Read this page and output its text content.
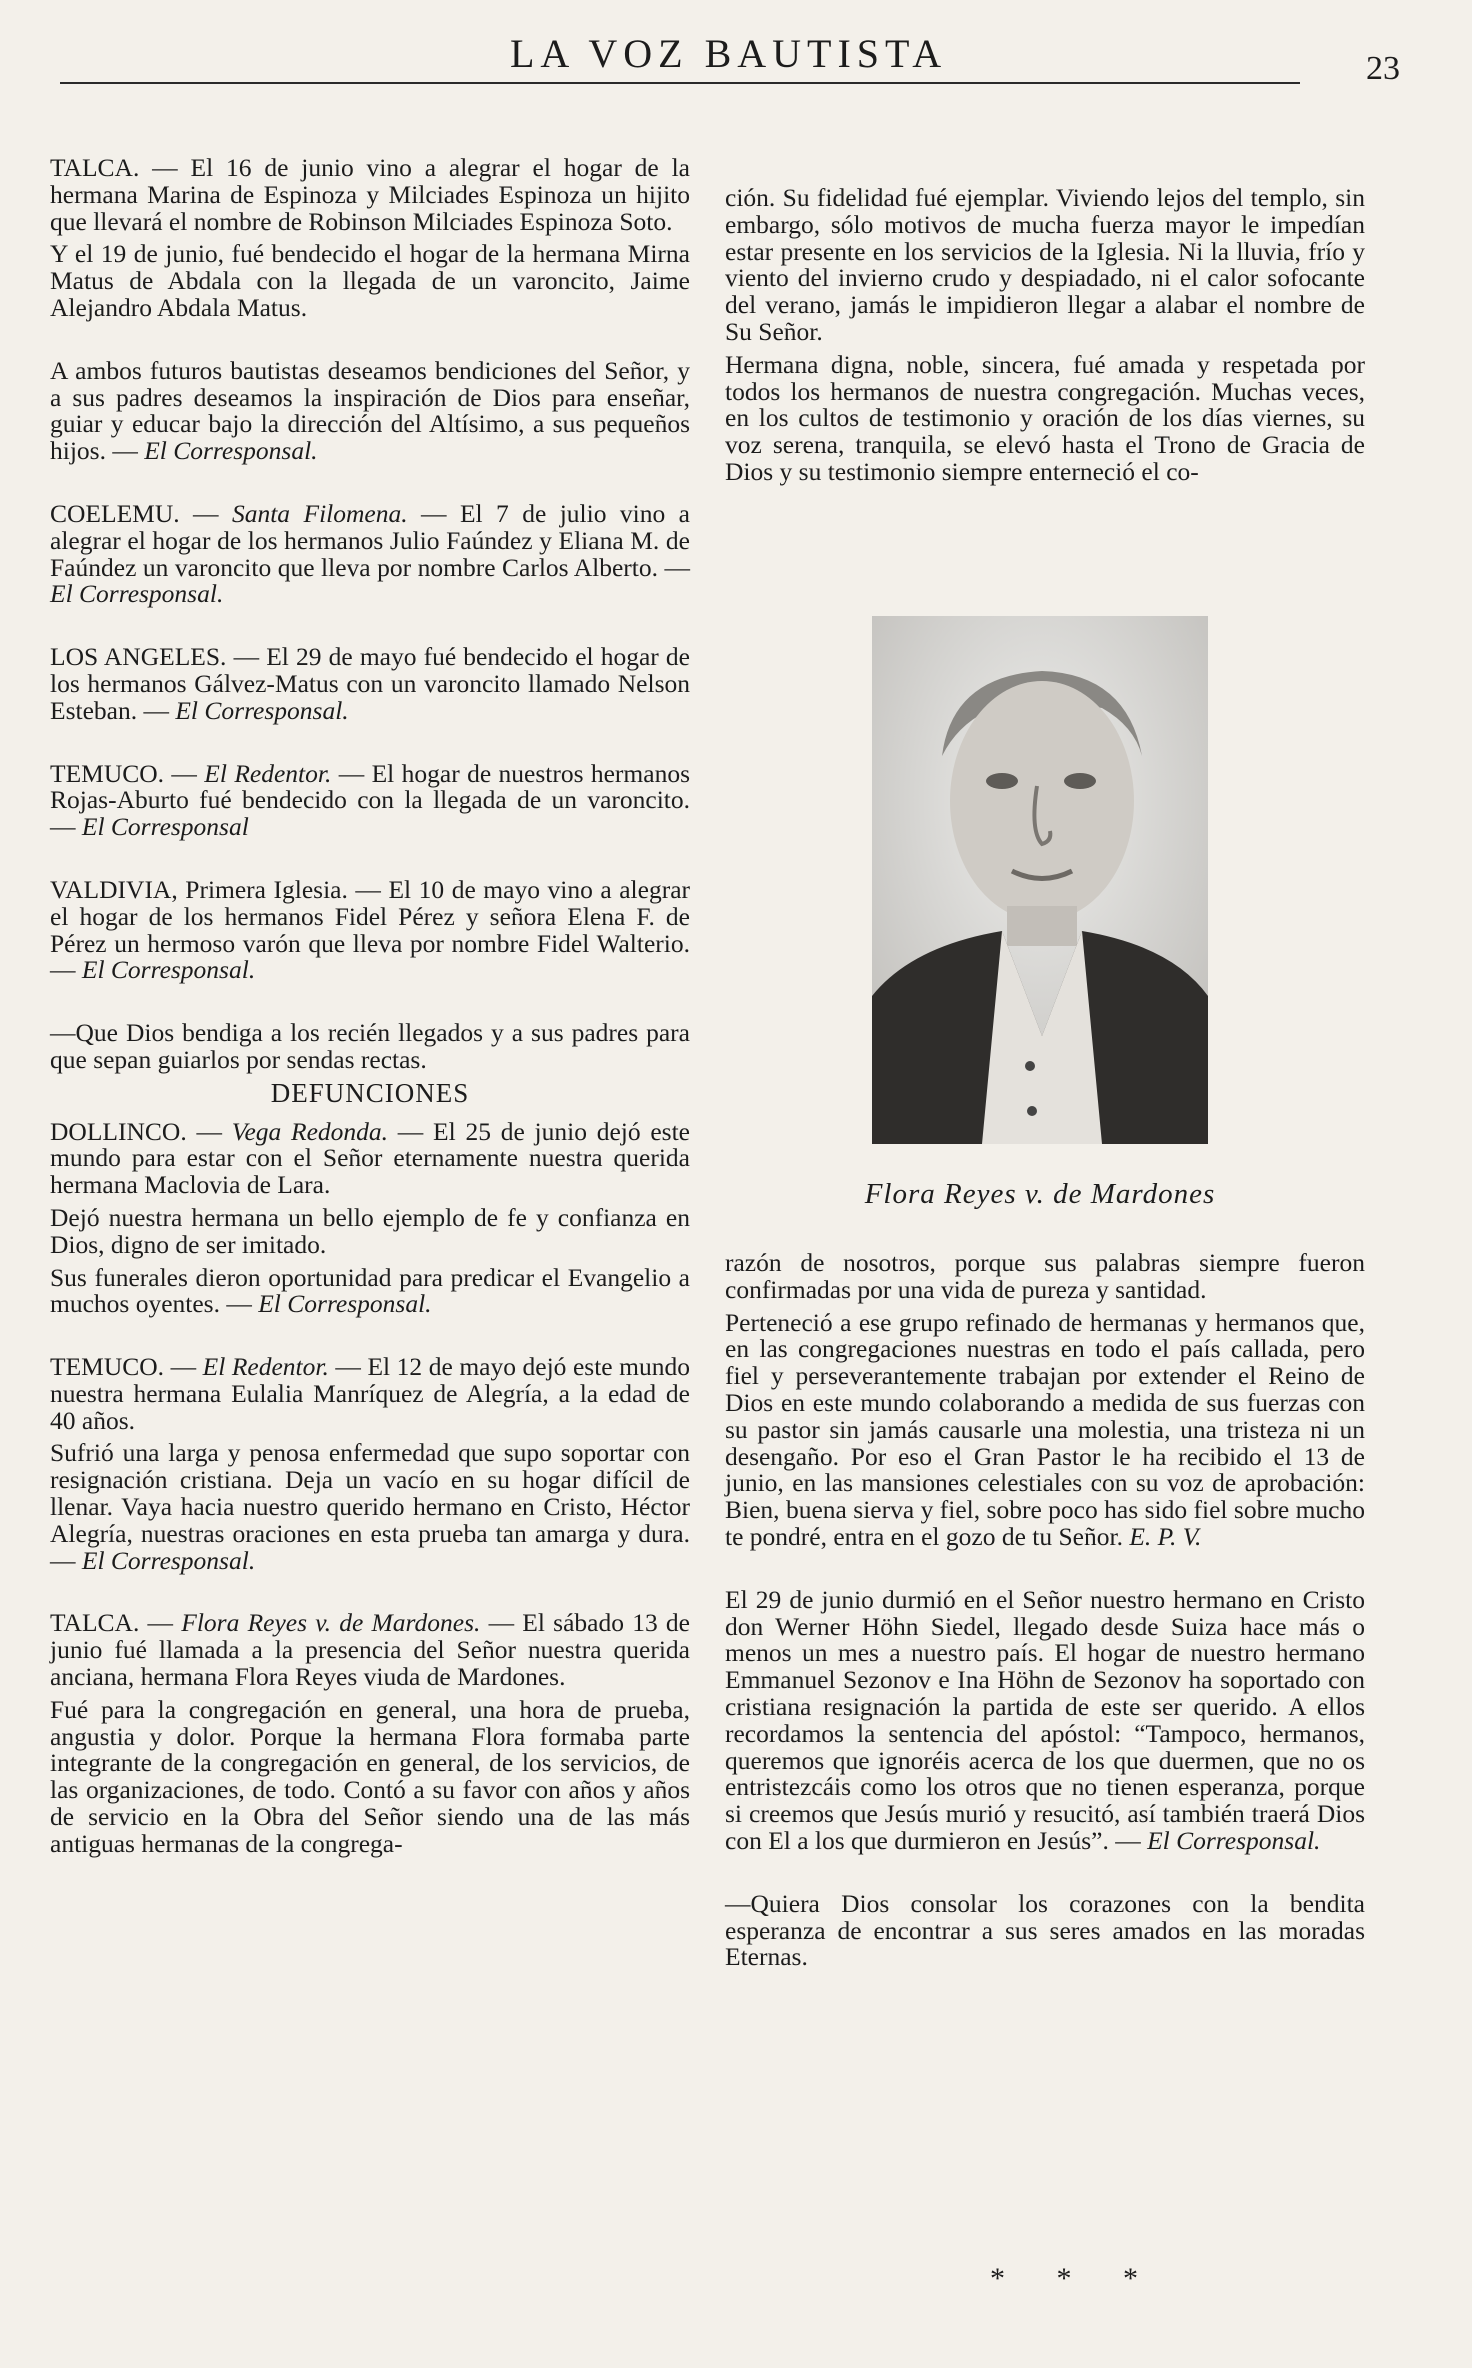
LA VOZ BAUTISTA	23

TALCA. — El 16 de junio vino a alegrar el hogar de la hermana Marina de Espinoza y Milciades Espinoza un hijito que llevará el nombre de Robinson Milciades Espinoza Soto.

Y el 19 de junio, fué bendecido el hogar de la hermana Mirna Matus de Abdala con la llegada de un varoncito, Jaime Alejandro Abdala Matus.

A ambos futuros bautistas deseamos bendiciones del Señor, y a sus padres deseamos la inspiración de Dios para enseñar, guiar y educar bajo la dirección del Altísimo, a sus pequeños hijos. — El Corresponsal.

COELEMU. — Santa Filomena. — El 7 de julio vino a alegrar el hogar de los hermanos Julio Faúndez y Eliana M. de Faúndez un varoncito que lleva por nombre Carlos Alberto. — El Corresponsal.

LOS ANGELES. — El 29 de mayo fué bendecido el hogar de los hermanos Gálvez-Matus con un varoncito llamado Nelson Esteban. — El Corresponsal.

TEMUCO. — El Redentor. — El hogar de nuestros hermanos Rojas-Aburto fué bendecido con la llegada de un varoncito. — El Corresponsal

VALDIVIA, Primera Iglesia. — El 10 de mayo vino a alegrar el hogar de los hermanos Fidel Pérez y señora Elena F. de Pérez un hermoso varón que lleva por nombre Fidel Walterio. — El Corresponsal.

—Que Dios bendiga a los recién llegados y a sus padres para que sepan guiarlos por sendas rectas.

DEFUNCIONES

DOLLINCO. — Vega Redonda. — El 25 de junio dejó este mundo para estar con el Señor eternamente nuestra querida hermana Maclovia de Lara.

Dejó nuestra hermana un bello ejemplo de fe y confianza en Dios, digno de ser imitado.

Sus funerales dieron oportunidad para predicar el Evangelio a muchos oyentes. — El Corresponsal.

TEMUCO. — El Redentor. — El 12 de mayo dejó este mundo nuestra hermana Eulalia Manríquez de Alegría, a la edad de 40 años.

Sufrió una larga y penosa enfermedad que supo soportar con resignación cristiana. Deja un vacío en su hogar difícil de llenar. Vaya hacia nuestro querido hermano en Cristo, Héctor Alegría, nuestras oraciones en esta prueba tan amarga y dura. — El Corresponsal.

TALCA. — Flora Reyes v. de Mardones. — El sábado 13 de junio fué llamada a la presencia del Señor nuestra querida anciana, hermana Flora Reyes viuda de Mardones.

Fué para la congregación en general, una hora de prueba, angustia y dolor. Porque la hermana Flora formaba parte integrante de la congregación en general, de los servicios, de las organizaciones, de todo. Contó a su favor con años y años de servicio en la Obra del Señor siendo una de las más antiguas hermanas de la congrega-

ción. Su fidelidad fué ejemplar. Viviendo lejos del templo, sin embargo, sólo motivos de mucha fuerza mayor le impedían estar presente en los servicios de la Iglesia. Ni la lluvia, frío y viento del invierno crudo y despiadado, ni el calor sofocante del verano, jamás le impidieron llegar a alabar el nombre de Su Señor.

Hermana digna, noble, sincera, fué amada y respetada por todos los hermanos de nuestra congregación. Muchas veces, en los cultos de testimonio y oración de los días viernes, su voz serena, tranquila, se elevó hasta el Trono de Gracia de Dios y su testimonio siempre enterneció el co-

Flora Reyes v. de Mardones

razón de nosotros, porque sus palabras siempre fueron confirmadas por una vida de pureza y santidad.

Perteneció a ese grupo refinado de hermanas y hermanos que, en las congregaciones nuestras en todo el país callada, pero fiel y perseverantemente trabajan por extender el Reino de Dios en este mundo colaborando a medida de sus fuerzas con su pastor sin jamás causarle una molestia, una tristeza ni un desengaño. Por eso el Gran Pastor le ha recibido el 13 de junio, en las mansiones celestiales con su voz de aprobación: Bien, buena sierva y fiel, sobre poco has sido fiel sobre mucho te pondré, entra en el gozo de tu Señor. E. P. V.

El 29 de junio durmió en el Señor nuestro hermano en Cristo don Werner Höhn Siedel, llegado desde Suiza hace más o menos un mes a nuestro país. El hogar de nuestro hermano Emmanuel Sezonov e Ina Höhn de Sezonov ha soportado con cristiana resignación la partida de este ser querido. A ellos recordamos la sentencia del apóstol: “Tampoco, hermanos, queremos que ignoréis acerca de los que duermen, que no os entristezcáis como los otros que no tienen esperanza, porque si creemos que Jesús murió y resucitó, así también traerá Dios con El a los que durmieron en Jesús”. — El Corresponsal.

—Quiera Dios consolar los corazones con la bendita esperanza de encontrar a sus seres amados en las moradas Eternas.

* * *
